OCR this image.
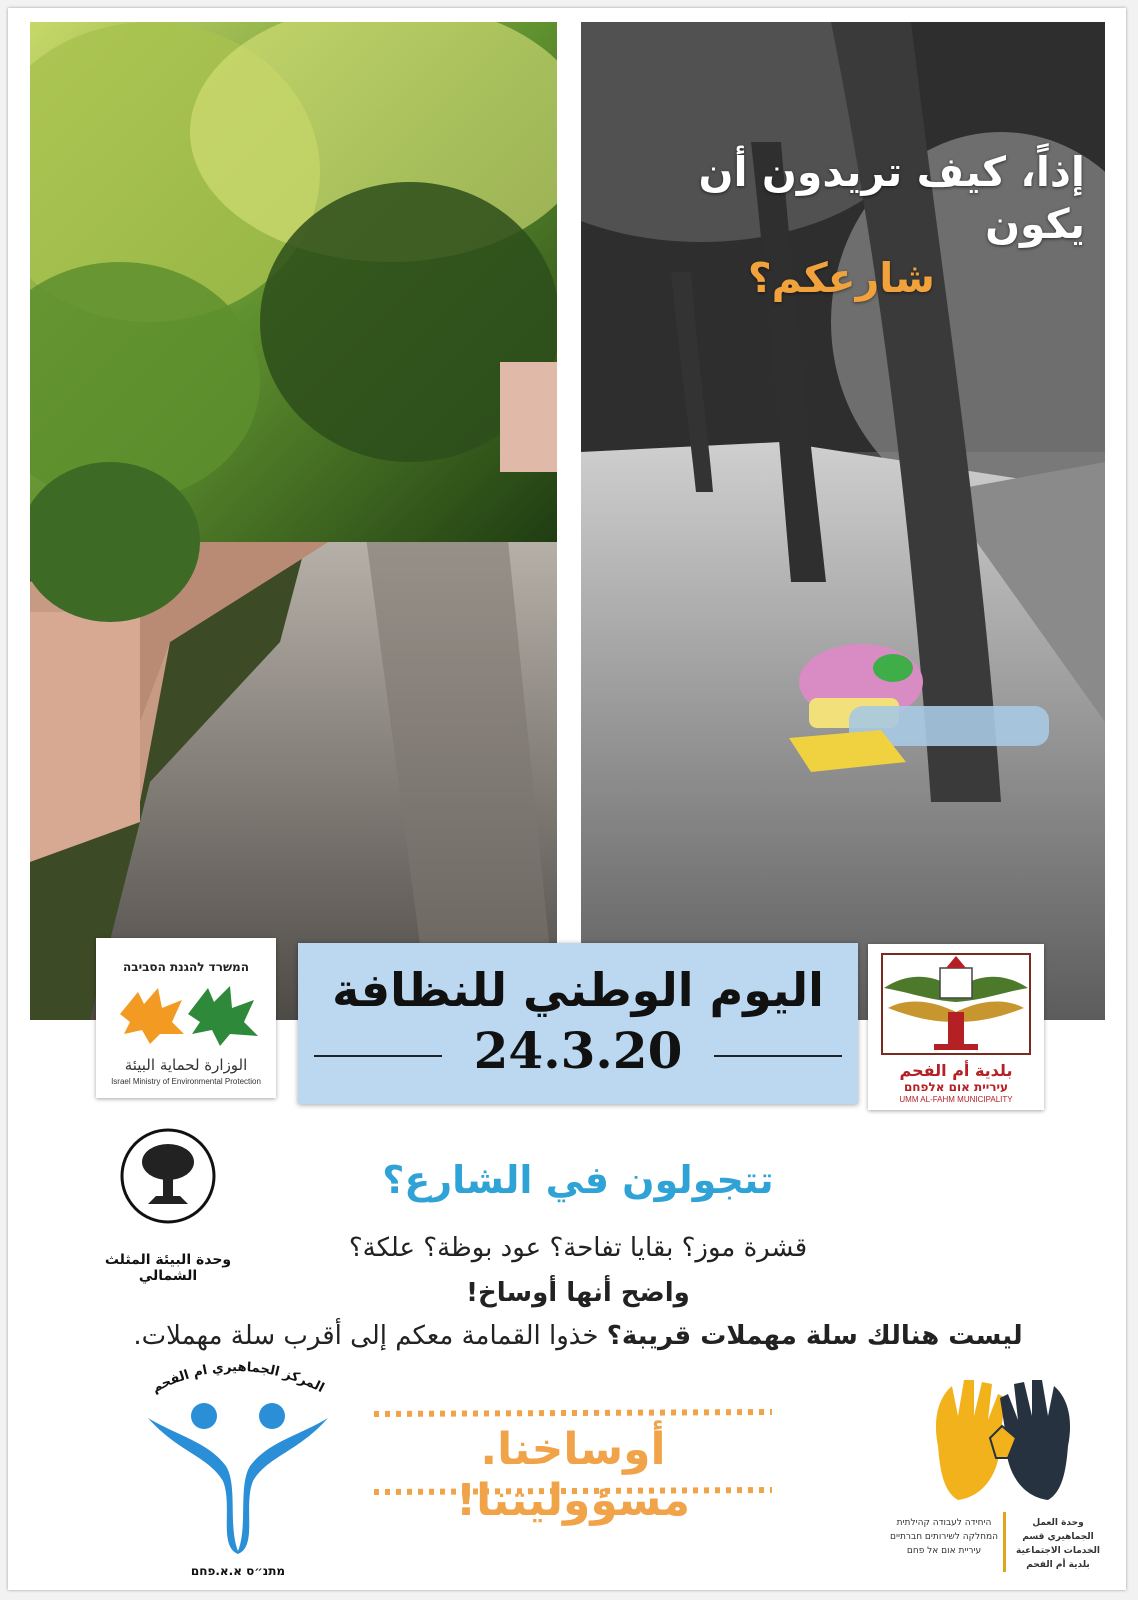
إذاً، كيف تريدون أن يكون
شارعكم؟
המשרד להגנת הסביבה
الوزارة لحماية البيئة
Israel Ministry of Environmental Protection
اليوم الوطني للنظافة
24.3.20	بلدية أم الفحم
עיריית אום אלפחם
UMM AL-FAHM MUNICIPALITY
وحدة البيئة المثلث الشمالي
تتجولون في الشارع؟
قشرة موز؟ بقايا تفاحة؟ عود بوظة؟ علكة؟
واضح أنها أوساخ!
ليست هنالك سلة مهملات قريبة؟ خذوا القمامة معكم إلى أقرب سلة مهملات.
المركز الجماهيري ام الفحم
מתנ״ס א.א.פחם
أوساخنا. مسؤوليتنا!	היחידה לעבודה קהילתית המחלקה לשירותים חברתיים עיריית אום אל פחם
وحدة العمل الجماهيري قسم الخدمات الاجتماعية بلدية أم الفحم
